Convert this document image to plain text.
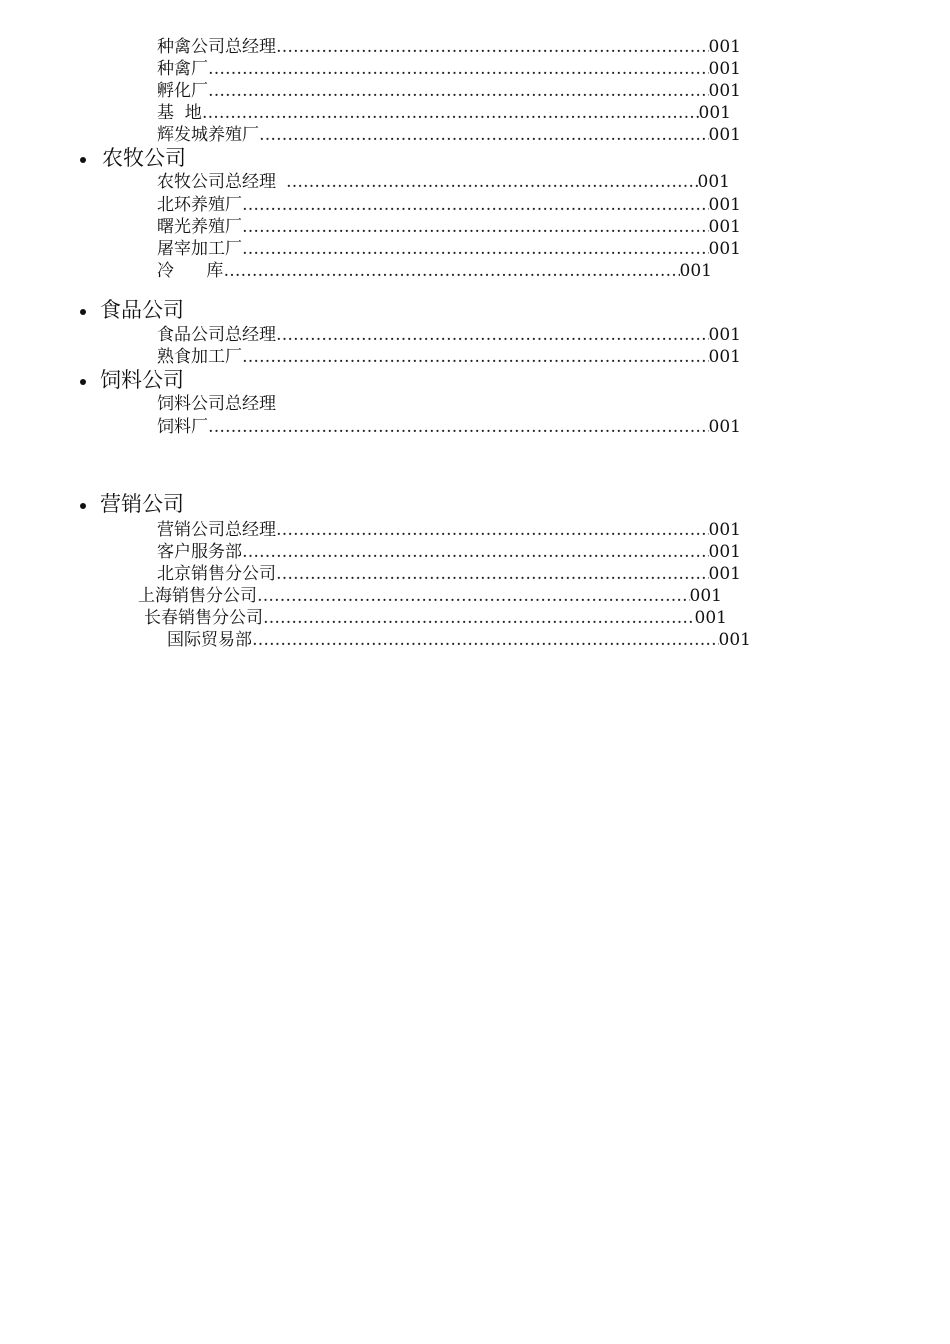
种禽公司总经理 ……………………………………………………………………………………………………………………………………………………………………………………………………	001
种禽厂 ……………………………………………………………………………………………………………………………………………………………………………………………………	001
孵化厂 ……………………………………………………………………………………………………………………………………………………………………………………………………	001
基  地 ……………………………………………………………………………………………………………………………………………………………………………………………………	001
辉发城养殖厂 ……………………………………………………………………………………………………………………………………………………………………………………………………	001
农牧公司
农牧公司总经理 ……………………………………………………………………………………………………………………………………………………………………………………………………	001
北环养殖厂 ……………………………………………………………………………………………………………………………………………………………………………………………………	001
曙光养殖厂 ……………………………………………………………………………………………………………………………………………………………………………………………………	001
屠宰加工厂 ……………………………………………………………………………………………………………………………………………………………………………………………………	001
冷      库 ……………………………………………………………………………………………………………………………………………………………………………………………………	001
食品公司
食品公司总经理 ……………………………………………………………………………………………………………………………………………………………………………………………………	001
熟食加工厂 ……………………………………………………………………………………………………………………………………………………………………………………………………	001
饲料公司
饲料公司总经理
饲料厂 ……………………………………………………………………………………………………………………………………………………………………………………………………	001
营销公司
营销公司总经理 ……………………………………………………………………………………………………………………………………………………………………………………………………	001
客户服务部 ……………………………………………………………………………………………………………………………………………………………………………………………………	001
北京销售分公司 ……………………………………………………………………………………………………………………………………………………………………………………………………	001
上海销售分公司 ……………………………………………………………………………………………………………………………………………………………………………………………………	001
长春销售分公司 ……………………………………………………………………………………………………………………………………………………………………………………………………	001
国际贸易部 ……………………………………………………………………………………………………………………………………………………………………………………………………	001
